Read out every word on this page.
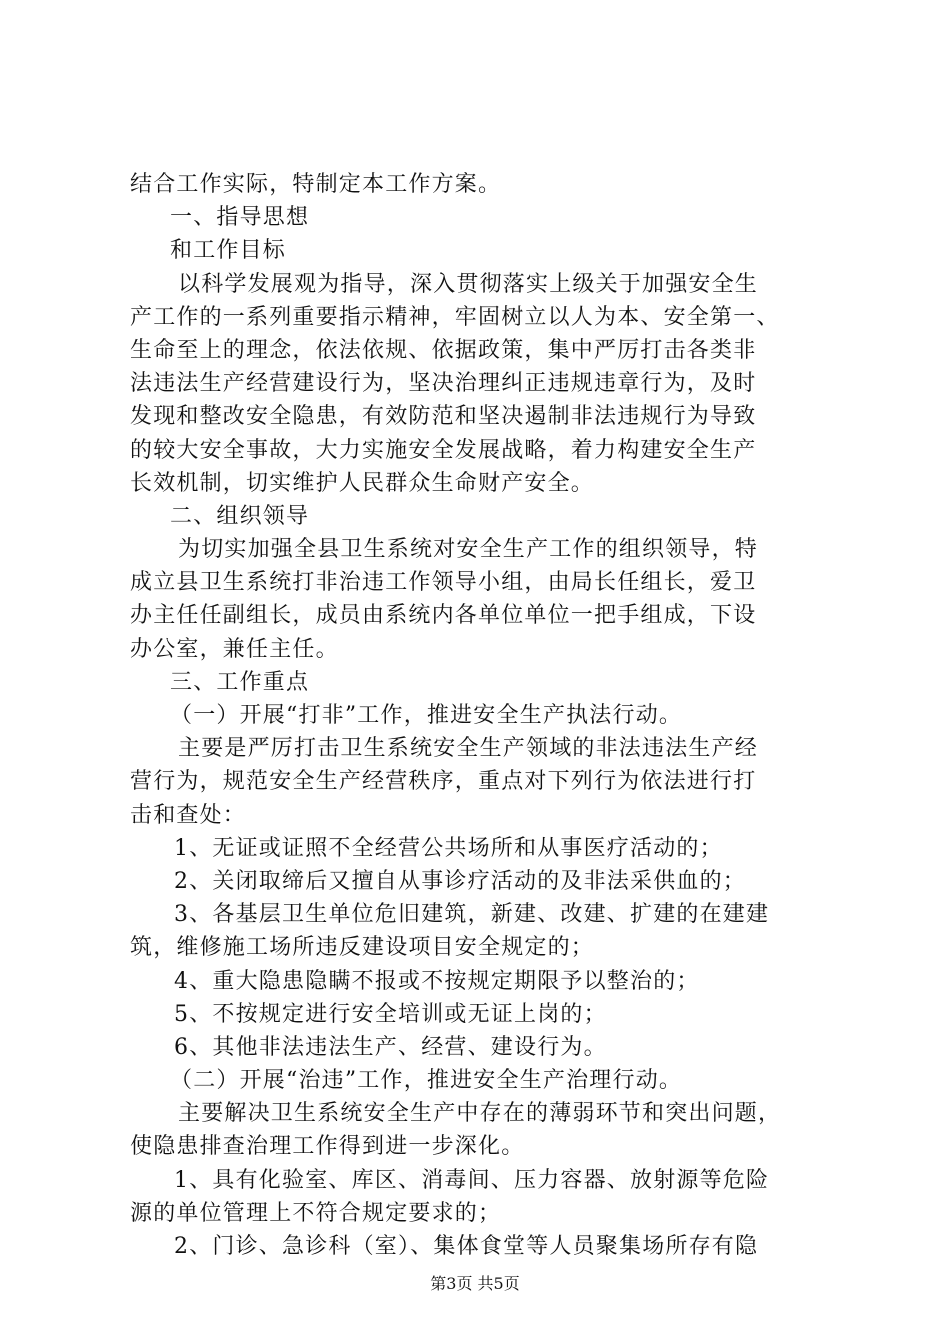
结合工作实际，特制定本工作方案。
一、指导思想
和工作目标
以科学发展观为指导，深入贯彻落实上级关于加强安全生
产工作的一系列重要指示精神，牢固树立以人为本、安全第一、
生命至上的理念，依法依规、依据政策，集中严厉打击各类非
法违法生产经营建设行为，坚决治理纠正违规违章行为，及时
发现和整改安全隐患，有效防范和坚决遏制非法违规行为导致
的较大安全事故，大力实施安全发展战略，着力构建安全生产
长效机制，切实维护人民群众生命财产安全。
二、组织领导
为切实加强全县卫生系统对安全生产工作的组织领导，特
成立县卫生系统打非治违工作领导小组，由局长任组长，爱卫
办主任任副组长，成员由系统内各单位单位一把手组成，下设
办公室，兼任主任。
三、工作重点
（一）开展“打非”工作，推进安全生产执法行动。
主要是严厉打击卫生系统安全生产领域的非法违法生产经
营行为，规范安全生产经营秩序，重点对下列行为依法进行打
击和查处：
1、无证或证照不全经营公共场所和从事医疗活动的；
2、关闭取缔后又擅自从事诊疗活动的及非法采供血的；
3、各基层卫生单位危旧建筑，新建、改建、扩建的在建建
筑，维修施工场所违反建设项目安全规定的；
4、重大隐患隐瞒不报或不按规定期限予以整治的；
5、不按规定进行安全培训或无证上岗的；
6、其他非法违法生产、经营、建设行为。
（二）开展“治违”工作，推进安全生产治理行动。
主要解决卫生系统安全生产中存在的薄弱环节和突出问题，
使隐患排查治理工作得到进一步深化。
1、具有化验室、库区、消毒间、压力容器、放射源等危险
源的单位管理上不符合规定要求的；
2、门诊、急诊科（室）、集体食堂等人员聚集场所存有隐
第3页 共5页
